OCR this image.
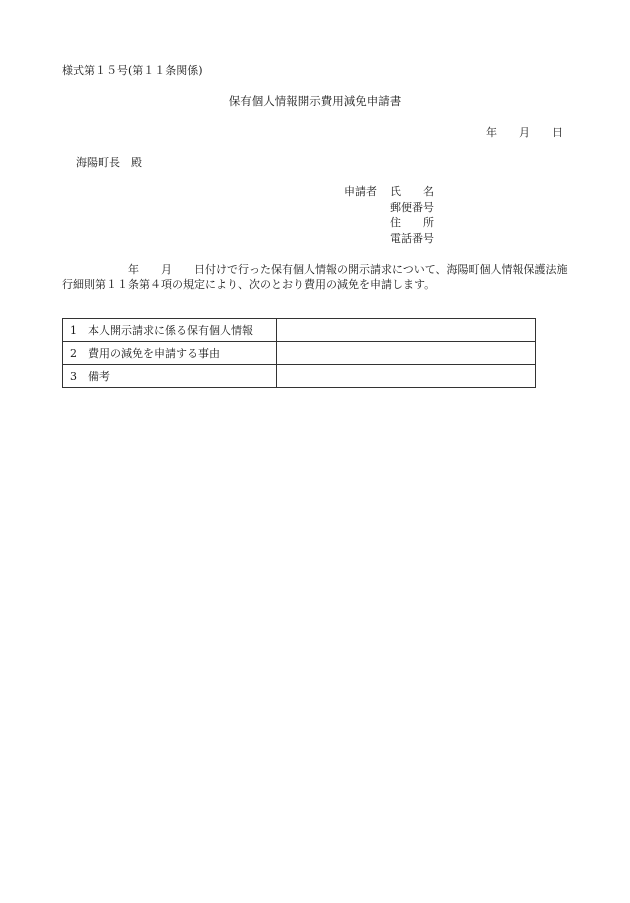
様式第１５号(第１１条関係)
保有個人情報開示費用減免申請書
年　　月　　日
海陽町長　殿
申請者 氏　　名
郵便番号
住　　所
電話番号
　　　　　　年　　月　　日付けで行った保有個人情報の開示請求について、海陽町個人情報保護法施行細則第１１条第４項の規定により、次のとおり費用の減免を申請します。
1　本人開示請求に係る保有個人情報	
2　費用の減免を申請する事由	
3　備考	
